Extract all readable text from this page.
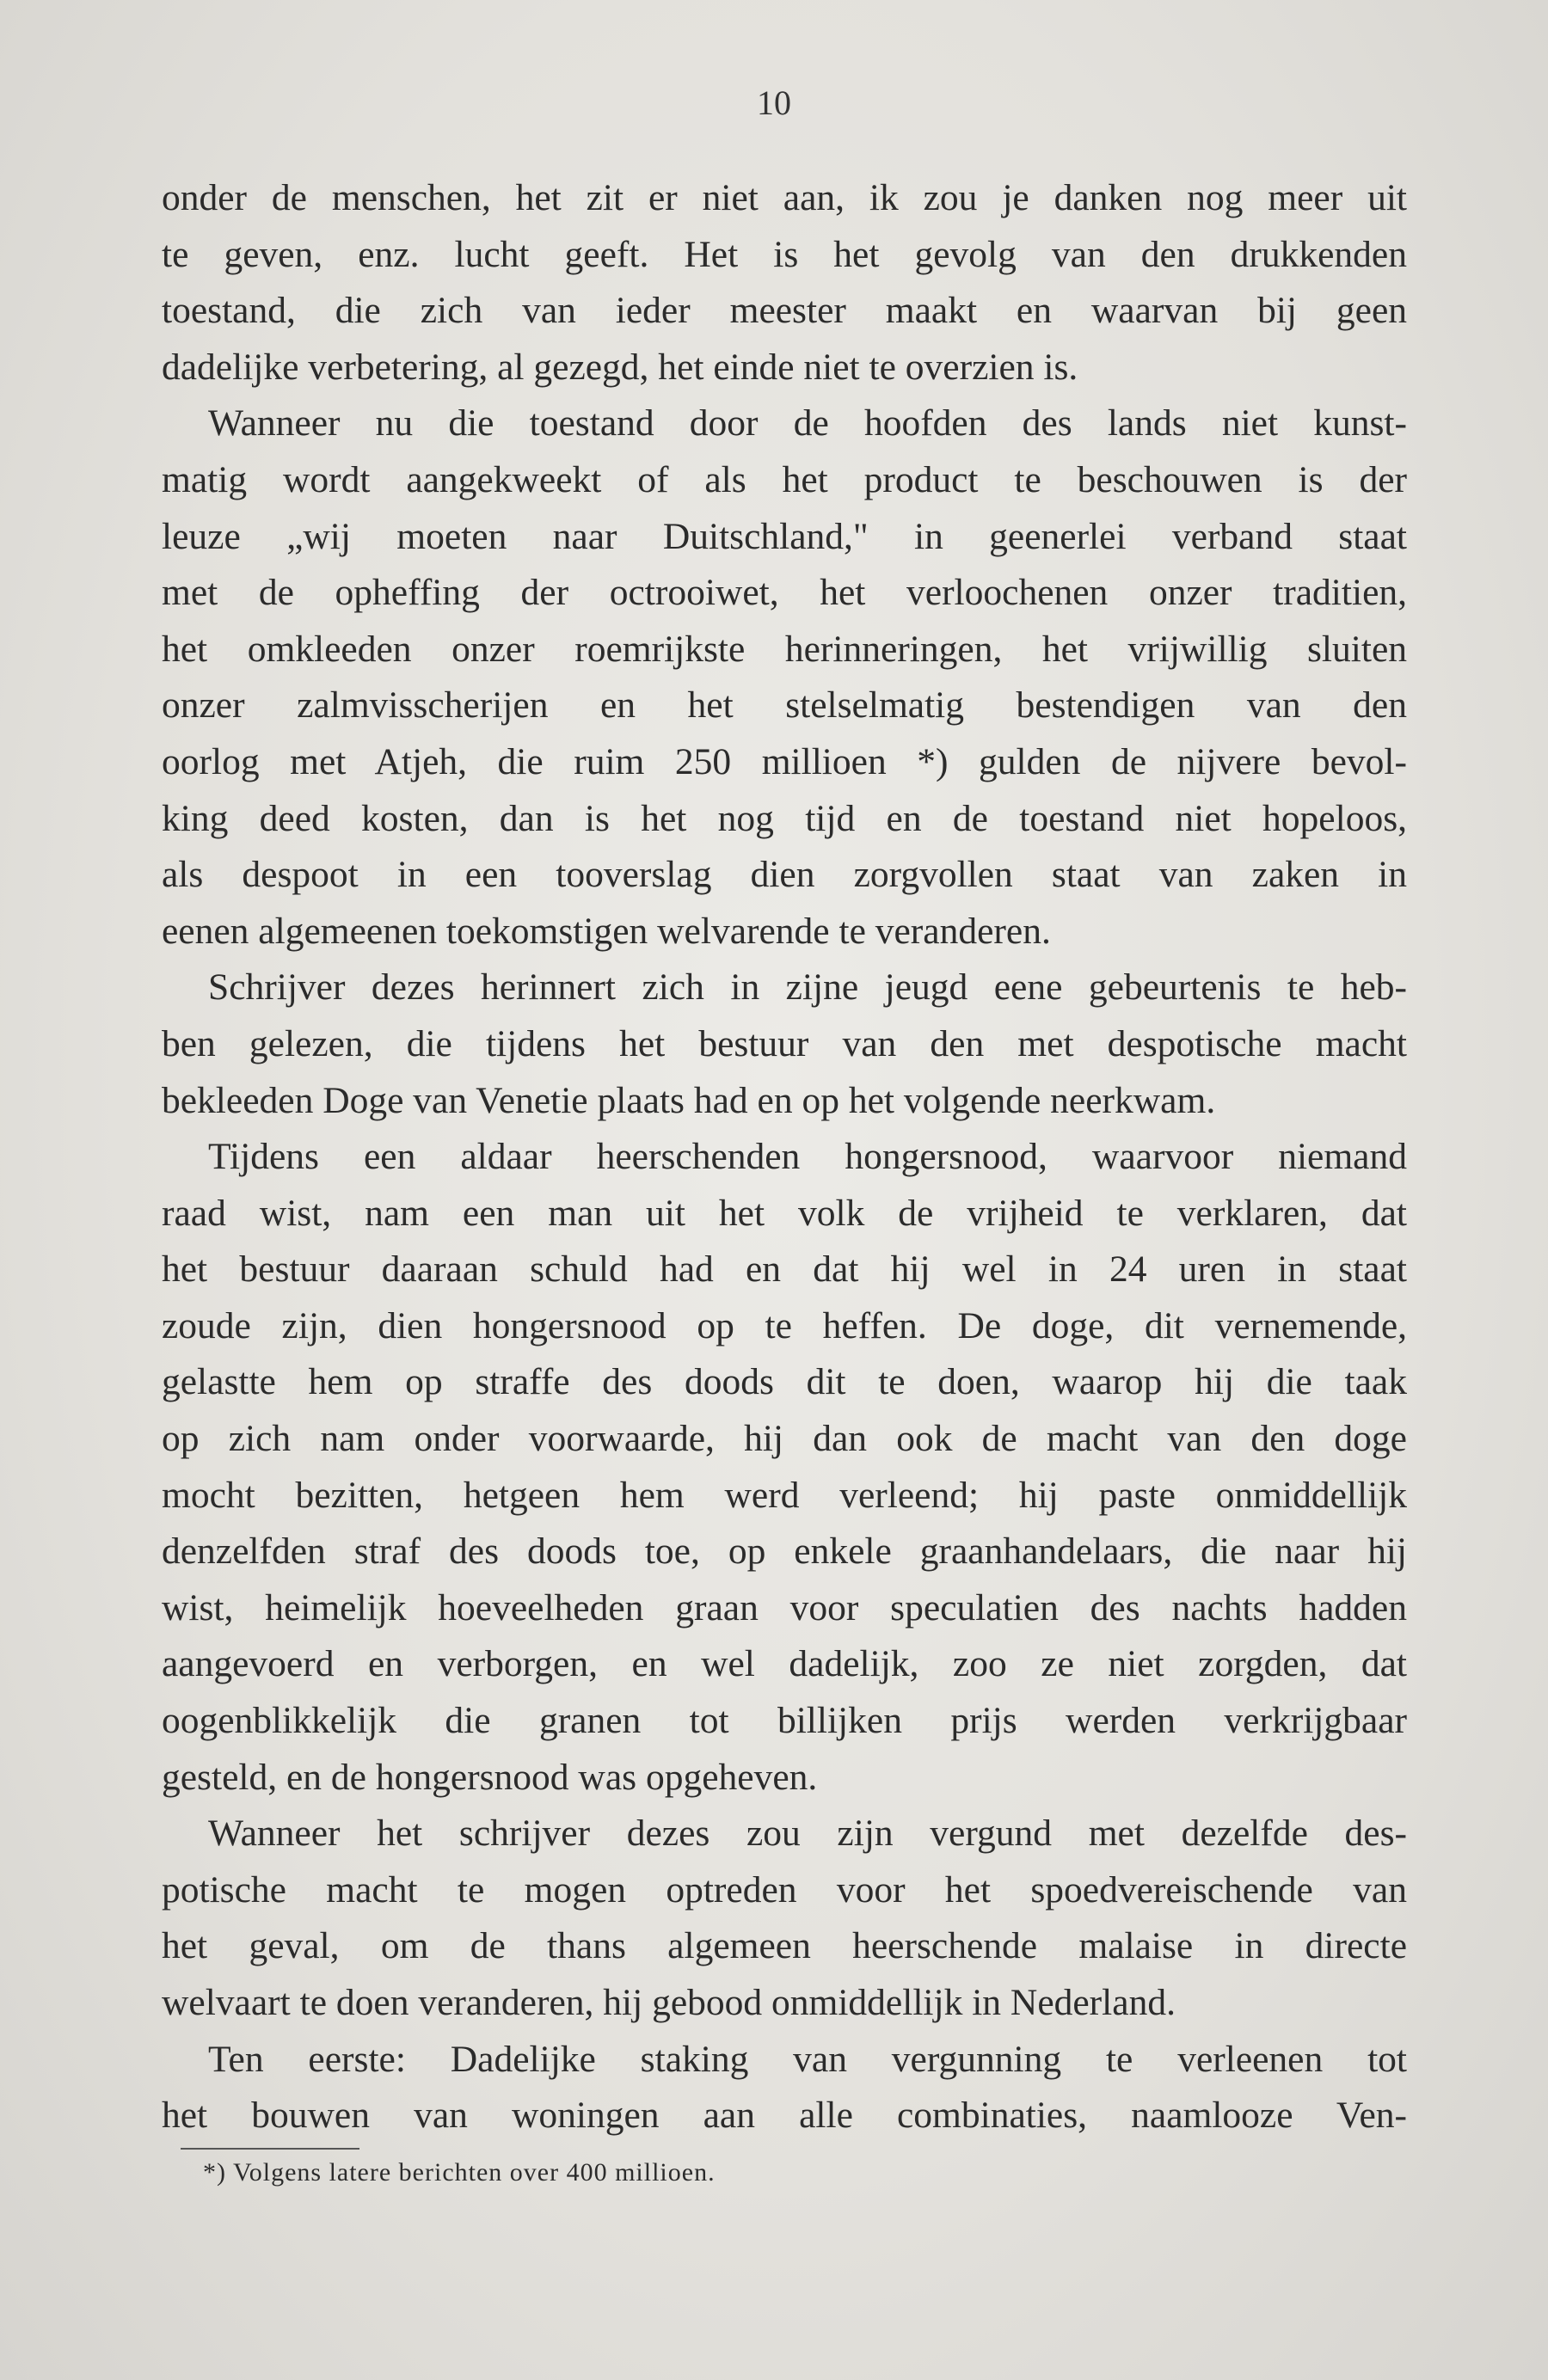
10
onder de menschen, het zit er niet aan, ik zou je danken nog meer uit
te geven, enz. lucht geeft. Het is het gevolg van den drukkenden
toestand, die zich van ieder meester maakt en waarvan bij geen
dadelijke verbetering, al gezegd, het einde niet te overzien is.
Wanneer nu die toestand door de hoofden des lands niet kunst-
matig wordt aangekweekt of als het product te beschouwen is der
leuze „wij moeten naar Duitschland," in geenerlei verband staat
met de opheffing der octrooiwet, het verloochenen onzer traditien,
het omkleeden onzer roemrijkste herinneringen, het vrijwillig sluiten
onzer zalmvisscherijen en het stelselmatig bestendigen van den
oorlog met Atjeh, die ruim 250 millioen *) gulden de nijvere bevol-
king deed kosten, dan is het nog tijd en de toestand niet hopeloos,
als despoot in een tooverslag dien zorgvollen staat van zaken in
eenen algemeenen toekomstigen welvarende te veranderen.
Schrijver dezes herinnert zich in zijne jeugd eene gebeurtenis te heb-
ben gelezen, die tijdens het bestuur van den met despotische macht
bekleeden Doge van Venetie plaats had en op het volgende neerkwam.
Tijdens een aldaar heerschenden hongersnood, waarvoor niemand
raad wist, nam een man uit het volk de vrijheid te verklaren, dat
het bestuur daaraan schuld had en dat hij wel in 24 uren in staat
zoude zijn, dien hongersnood op te heffen. De doge, dit vernemende,
gelastte hem op straffe des doods dit te doen, waarop hij die taak
op zich nam onder voorwaarde, hij dan ook de macht van den doge
mocht bezitten, hetgeen hem werd verleend; hij paste onmiddellijk
denzelfden straf des doods toe, op enkele graanhandelaars, die naar hij
wist, heimelijk hoeveelheden graan voor speculatien des nachts hadden
aangevoerd en verborgen, en wel dadelijk, zoo ze niet zorgden, dat
oogenblikkelijk die granen tot billijken prijs werden verkrijgbaar
gesteld, en de hongersnood was opgeheven.
Wanneer het schrijver dezes zou zijn vergund met dezelfde des-
potische macht te mogen optreden voor het spoedvereischende van
het geval, om de thans algemeen heerschende malaise in directe
welvaart te doen veranderen, hij gebood onmiddellijk in Nederland.
Ten eerste: Dadelijke staking van vergunning te verleenen tot
het bouwen van woningen aan alle combinaties, naamlooze Ven-
*) Volgens latere berichten over 400 millioen.
